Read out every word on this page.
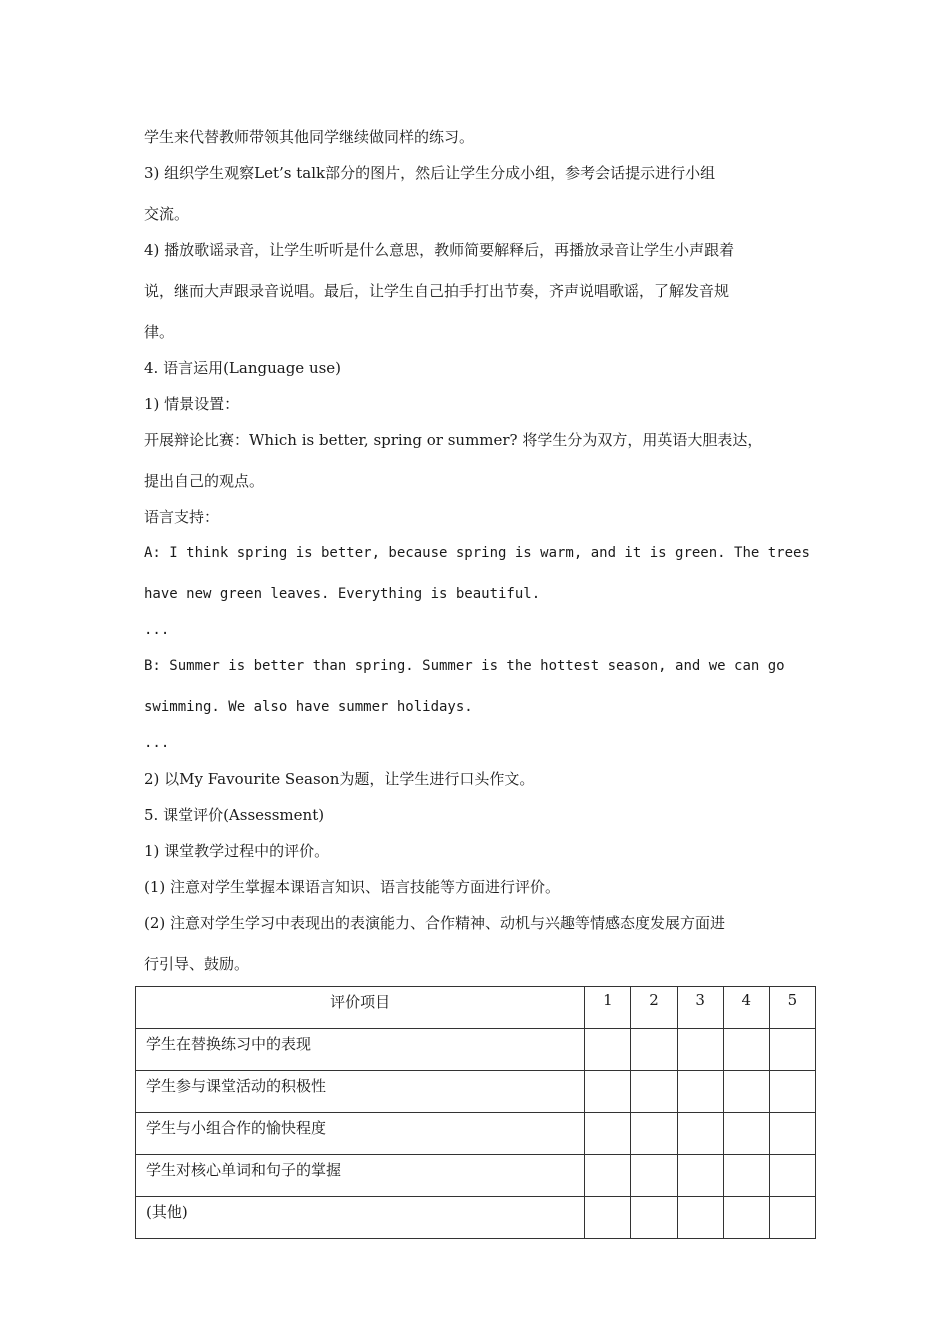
学生来代替教师带领其他同学继续做同样的练习。
3) 组织学生观察Let’s talk部分的图片，然后让学生分成小组，参考会话提示进行小组
交流。
4) 播放歌谣录音，让学生听听是什么意思，教师简要解释后，再播放录音让学生小声跟着
说，继而大声跟录音说唱。最后，让学生自己拍手打出节奏，齐声说唱歌谣，了解发音规
律。
4. 语言运用(Language use)
1) 情景设置：
开展辩论比赛：Which is better, spring or summer? 将学生分为双方，用英语大胆表达，
提出自己的观点。
语言支持：
A: I think spring is better, because spring is warm, and it is green. The trees
have new green leaves. Everything is beautiful.
...
B: Summer is better than spring. Summer is the hottest season, and we can go
swimming. We also have summer holidays.
...
2) 以My Favourite Season为题，让学生进行口头作文。
5. 课堂评价(Assessment)
1) 课堂教学过程中的评价。
(1) 注意对学生掌握本课语言知识、语言技能等方面进行评价。
(2) 注意对学生学习中表现出的表演能力、合作精神、动机与兴趣等情感态度发展方面进
行引导、鼓励。
评价项目	1	2	3	4	5
学生在替换练习中的表现					
学生参与课堂活动的积极性					
学生与小组合作的愉快程度					
学生对核心单词和句子的掌握					
(其他)					
